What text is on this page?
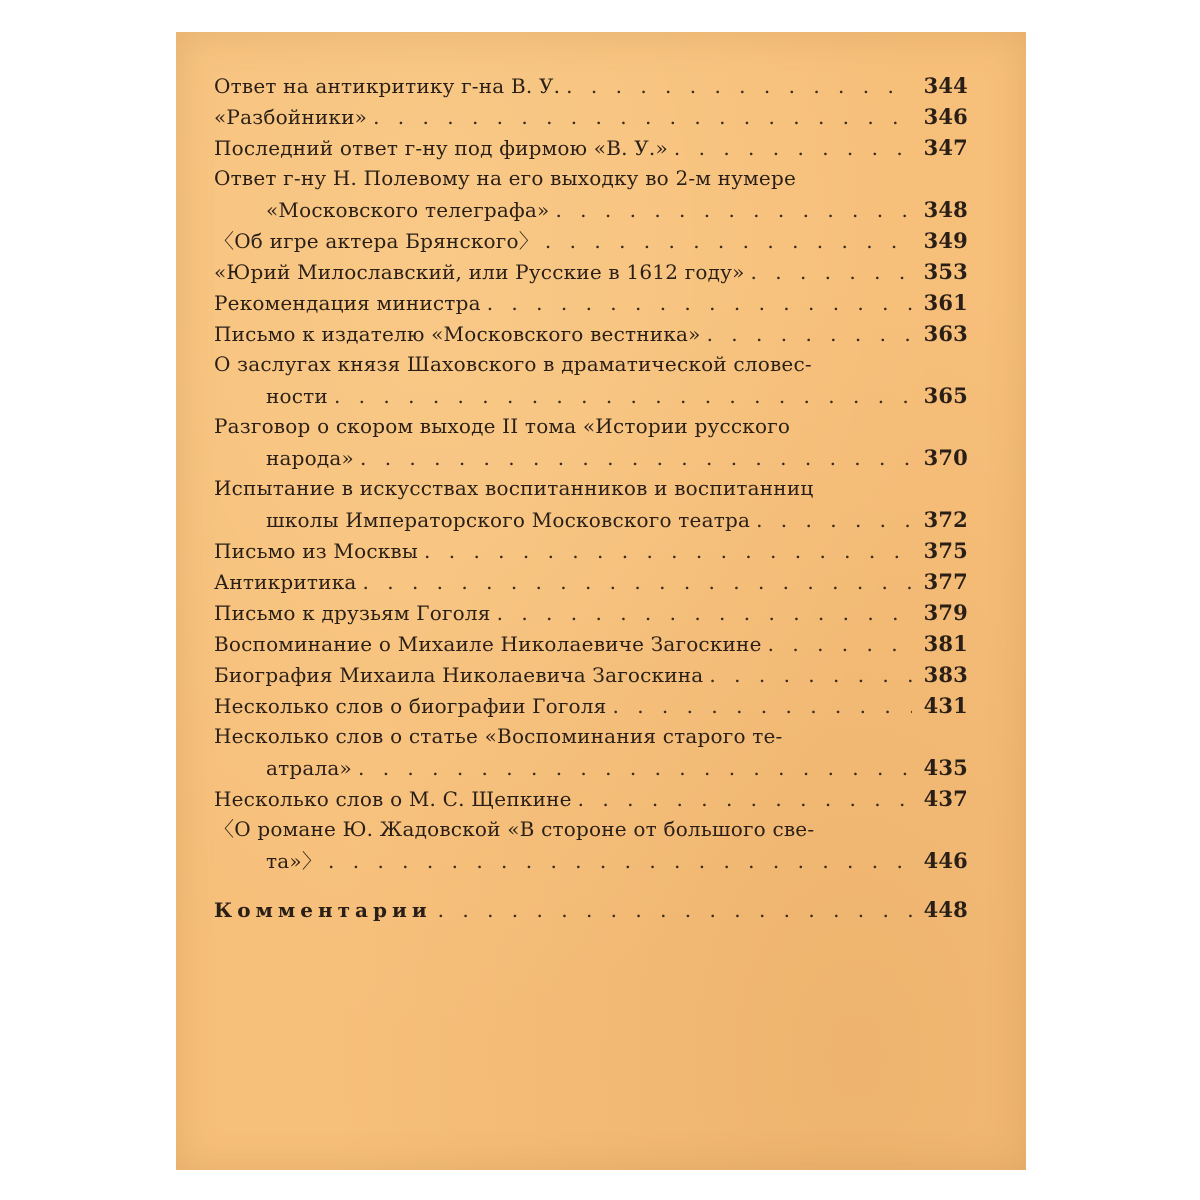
Ответ на антикритику г-на В. У. . . .	344
«Разбойники» . . .	346
Последний ответ г-ну под фирмою «В. У.» . . .	347
Ответ г-ну Н. Полевому на его выходку во 2-м нумере
«Московского телеграфа» . . .	348
〈Об игре актера Брянского〉 . . .	349
«Юрий Милославский, или Русские в 1612 году» . . .	353
Рекомендация министра . . .	361
Письмо к издателю «Московского вестника» . . .	363
О заслугах князя Шаховского в драматической словес-
ности . . .	365
Разговор о скором выходе II тома «Истории русского
народа» . . .	370
Испытание в искусствах воспитанников и воспитанниц
школы Императорского Московского театра . . .	372
Письмо из Москвы . . .	375
Антикритика . . .	377
Письмо к друзьям Гоголя . . .	379
Воспоминание о Михаиле Николаевиче Загоскине . . .	381
Биография Михаила Николаевича Загоскина . . .	383
Несколько слов о биографии Гоголя . . .	431
Несколько слов о статье «Воспоминания старого те-
атрала» . . .	435
Несколько слов о М. С. Щепкине . . .	437
〈О романе Ю. Жадовской «В стороне от большого све-
та»〉 . . .	446
Комментарии . . .	448
